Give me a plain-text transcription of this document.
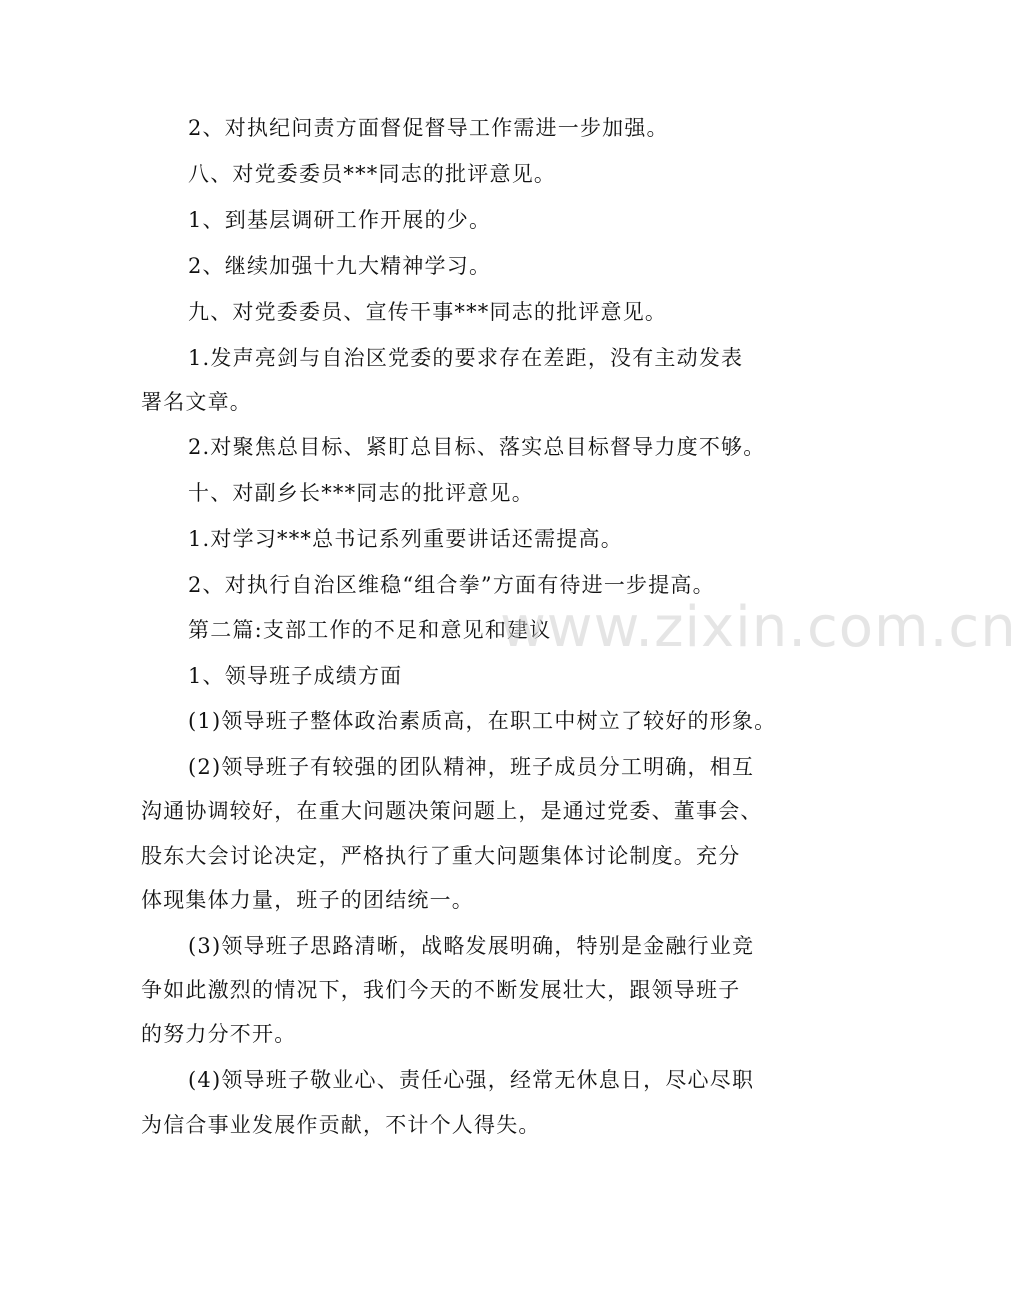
2、对执纪问责方面督促督导工作需进一步加强。
八、对党委委员***同志的批评意见。
1、到基层调研工作开展的少。
2、继续加强十九大精神学习。
九、对党委委员、宣传干事***同志的批评意见。
1.发声亮剑与自治区党委的要求存在差距，没有主动发表
署名文章。
2.对聚焦总目标、紧盯总目标、落实总目标督导力度不够。
十、对副乡长***同志的批评意见。
1.对学习***总书记系列重要讲话还需提高。
2、对执行自治区维稳“组合拳”方面有待进一步提高。
第二篇:支部工作的不足和意见和建议
1、领导班子成绩方面
(1)领导班子整体政治素质高，在职工中树立了较好的形象。
(2)领导班子有较强的团队精神，班子成员分工明确，相互
沟通协调较好，在重大问题决策问题上，是通过党委、董事会、
股东大会讨论决定，严格执行了重大问题集体讨论制度。充分
体现集体力量，班子的团结统一。
(3)领导班子思路清晰，战略发展明确，特别是金融行业竞
争如此激烈的情况下，我们今天的不断发展壮大，跟领导班子
的努力分不开。
(4)领导班子敬业心、责任心强，经常无休息日，尽心尽职
为信合事业发展作贡献，不计个人得失。
www.zixin.com.cn
